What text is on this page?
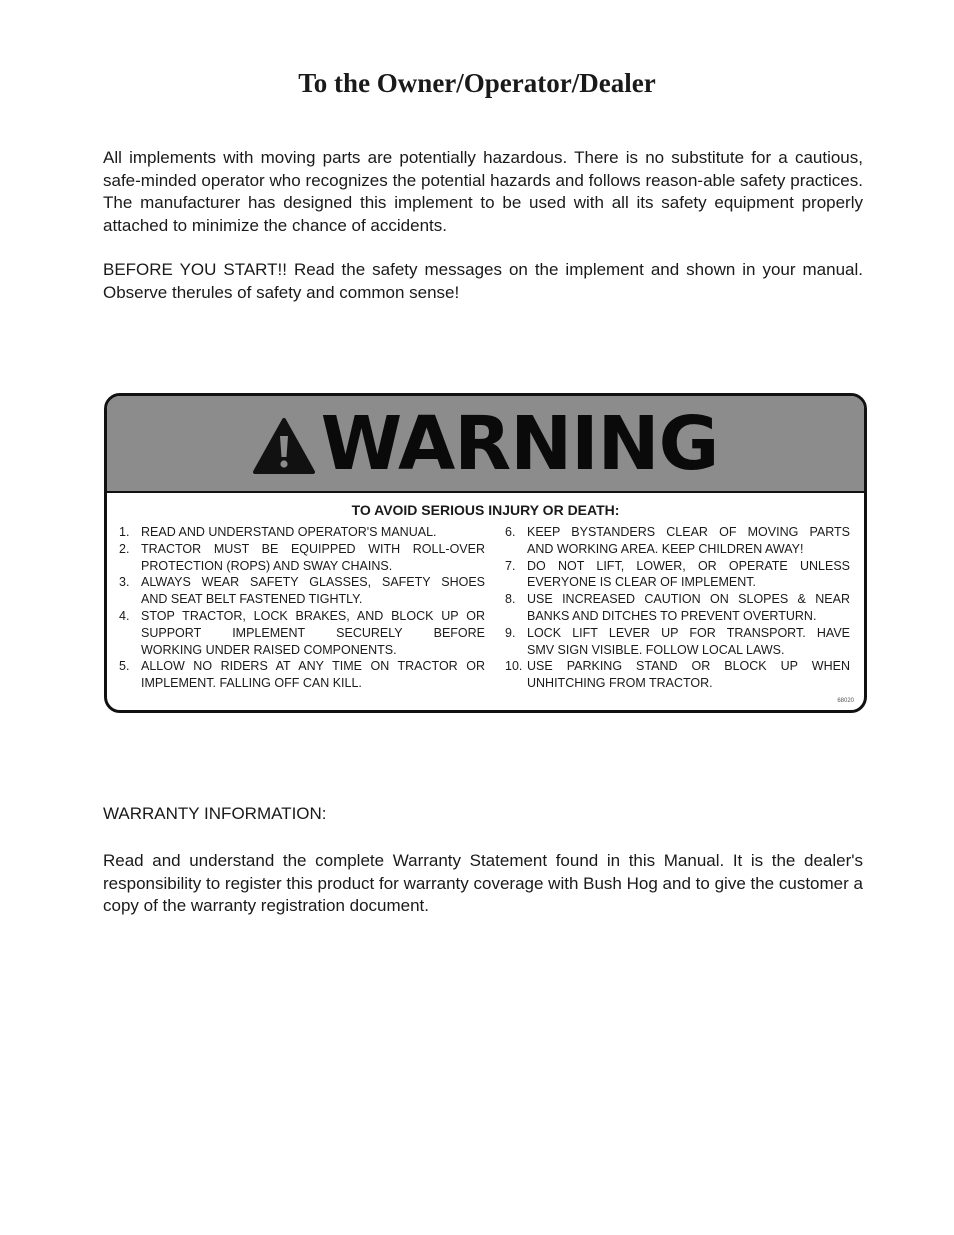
To the Owner/Operator/Dealer

All implements with moving parts are potentially hazardous. There is no substitute for a cautious, safe-minded operator who recognizes the potential hazards and follows reason-able safety practices. The manufacturer has designed this implement to be used with all its safety equipment properly attached to minimize the chance of accidents.

BEFORE YOU START!! Read the safety messages on the implement and shown in your manual. Observe therules of safety and common sense!

WARNING
TO AVOID SERIOUS INJURY OR DEATH:
1. READ AND UNDERSTAND OPERATOR'S MANUAL.
2. TRACTOR MUST BE EQUIPPED WITH ROLL-OVER
PROTECTION (ROPS) AND SWAY CHAINS.
3. ALWAYS WEAR SAFETY GLASSES, SAFETY SHOES
AND SEAT BELT FASTENED TIGHTLY.
4. STOP TRACTOR, LOCK BRAKES, AND BLOCK UP OR
SUPPORT IMPLEMENT SECURELY BEFORE
WORKING UNDER RAISED COMPONENTS.
5. ALLOW NO RIDERS AT ANY TIME ON TRACTOR OR
IMPLEMENT. FALLING OFF CAN KILL.
6. KEEP BYSTANDERS CLEAR OF MOVING PARTS
AND WORKING AREA. KEEP CHILDREN AWAY!
7. DO NOT LIFT, LOWER, OR OPERATE UNLESS
EVERYONE IS CLEAR OF IMPLEMENT.
8. USE INCREASED CAUTION ON SLOPES & NEAR
BANKS AND DITCHES TO PREVENT OVERTURN.
9. LOCK LIFT LEVER UP FOR TRANSPORT. HAVE
SMV SIGN VISIBLE. FOLLOW LOCAL LAWS.
10. USE PARKING STAND OR BLOCK UP WHEN
UNHITCHING FROM TRACTOR.
68020
WARRANTY INFORMATION:

Read and understand the complete Warranty Statement found in this Manual. It is the dealer's responsibility to register this product for warranty coverage with Bush Hog and to give the customer a copy of the warranty registration document.
